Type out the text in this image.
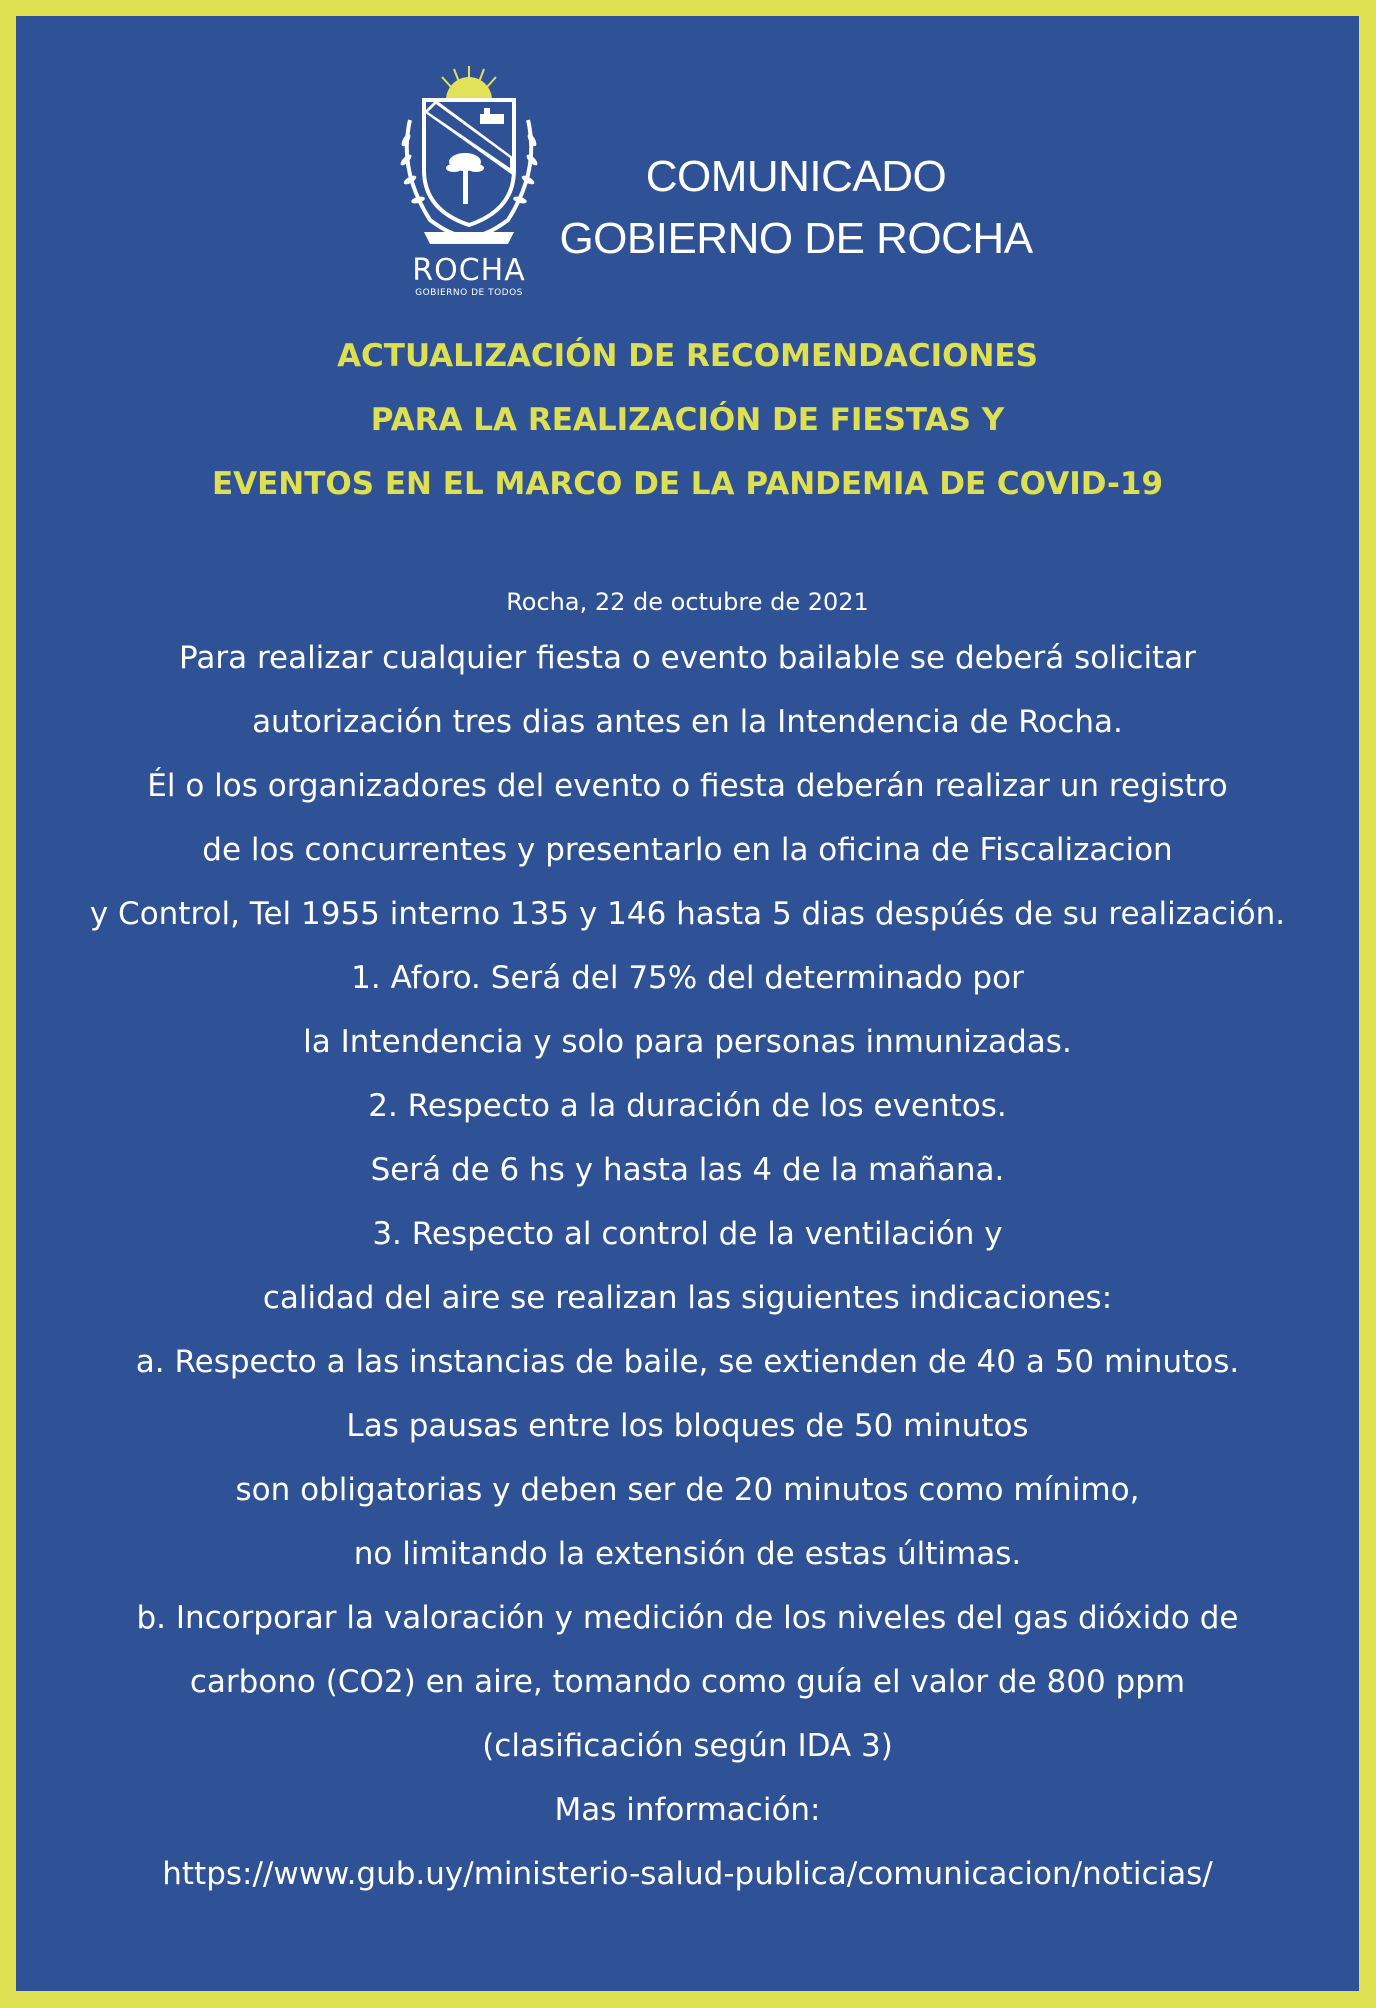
ROCHA
GOBIERNO DE TODOS
COMUNICADO
GOBIERNO DE ROCHA
ACTUALIZACIÓN DE RECOMENDACIONES
PARA LA REALIZACIÓN DE FIESTAS Y
EVENTOS EN EL MARCO DE LA PANDEMIA DE COVID-19
Rocha, 22 de octubre de 2021
Para realizar cualquier fiesta o evento bailable se deberá solicitar
autorización tres dias antes en la Intendencia de Rocha.
Él o los organizadores del evento o fiesta deberán realizar un registro
de los concurrentes y presentarlo en la oficina de Fiscalizacion
y Control, Tel 1955 interno 135 y 146 hasta 5 dias despúés de su realización.
1. Aforo. Será del 75% del determinado por
la Intendencia y solo para personas inmunizadas.
2. Respecto a la duración de los eventos.
Será de 6 hs y hasta las 4 de la mañana.
3. Respecto al control de la ventilación y
calidad del aire se realizan las siguientes indicaciones:
a. Respecto a las instancias de baile, se extienden de 40 a 50 minutos.
Las pausas entre los bloques de 50 minutos
son obligatorias y deben ser de 20 minutos como mínimo,
no limitando la extensión de estas últimas.
b. Incorporar la valoración y medición de los niveles del gas dióxido de
carbono (CO2) en aire, tomando como guía el valor de 800 ppm
(clasificación según IDA 3)
Mas información:
https://www.gub.uy/ministerio-salud-publica/comunicacion/noticias/
